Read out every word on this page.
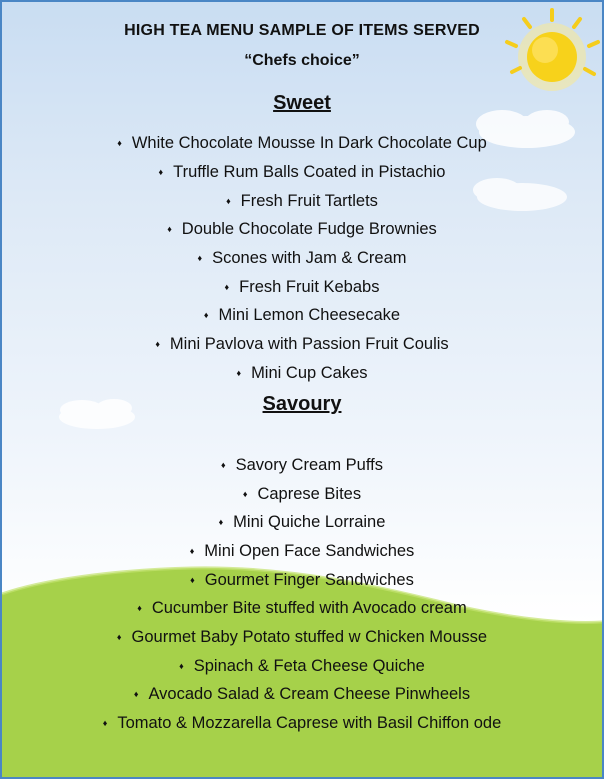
HIGH TEA MENU SAMPLE OF ITEMS SERVED
“Chefs choice”
Sweet
♦ White Chocolate Mousse In Dark Chocolate Cup
♦ Truffle Rum Balls Coated in Pistachio
♦ Fresh Fruit Tartlets
♦ Double Chocolate Fudge Brownies
♦ Scones with Jam & Cream
♦ Fresh Fruit Kebabs
♦ Mini Lemon Cheesecake
♦ Mini Pavlova with Passion Fruit Coulis
♦ Mini Cup Cakes
Savoury
♦ Savory Cream Puffs
♦ Caprese Bites
♦ Mini Quiche Lorraine
♦ Mini Open Face Sandwiches
♦ Gourmet Finger Sandwiches
♦ Cucumber Bite stuffed with Avocado cream
♦ Gourmet Baby Potato stuffed w Chicken Mousse
♦ Spinach & Feta Cheese Quiche
♦ Avocado Salad & Cream Cheese Pinwheels
♦ Tomato & Mozzarella Caprese with Basil Chiffon ode
